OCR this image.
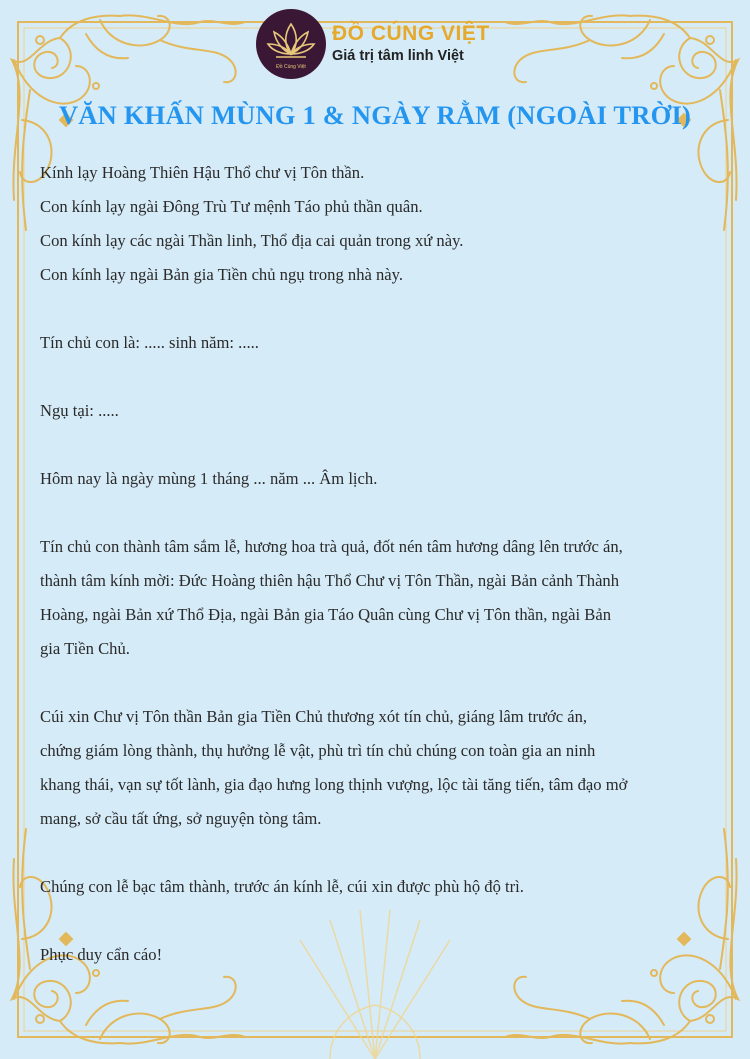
Đồ Cúng Việt
ĐỒ CÚNG VIỆT
Giá trị tâm linh Việt
VĂN KHẤN MÙNG 1 & NGÀY RẰM (NGOÀI TRỜI)

Kính lạy Hoàng Thiên Hậu Thổ chư vị Tôn thần.

Con kính lạy ngài Đông Trù Tư mệnh Táo phủ thần quân.

Con kính lạy các ngài Thần linh, Thổ địa cai quản trong xứ này.

Con kính lạy ngài Bản gia Tiền chủ ngụ trong nhà này.

Tín chủ con là: ..... sinh năm: .....

Ngụ tại: .....

Hôm nay là ngày mùng 1 tháng ... năm ... Âm lịch.

Tín chủ con thành tâm sắm lễ, hương hoa trà quả, đốt nén tâm hương dâng lên trước án,

thành tâm kính mời: Đức Hoàng thiên hậu Thổ Chư vị Tôn Thần, ngài Bản cảnh Thành

Hoàng, ngài Bản xứ Thổ Địa, ngài Bản gia Táo Quân cùng Chư vị Tôn thần, ngài Bản

gia Tiền Chủ.

Cúi xin Chư vị Tôn thần Bản gia Tiền Chủ thương xót tín chủ, giáng lâm trước án,

chứng giám lòng thành, thụ hưởng lễ vật, phù trì tín chủ chúng con toàn gia an ninh

khang thái, vạn sự tốt lành, gia đạo hưng long thịnh vượng, lộc tài tăng tiến, tâm đạo mở

mang, sở cầu tất ứng, sở nguyện tòng tâm.

Chúng con lễ bạc tâm thành, trước án kính lễ, cúi xin được phù hộ độ trì.

Phục duy cẩn cáo!
